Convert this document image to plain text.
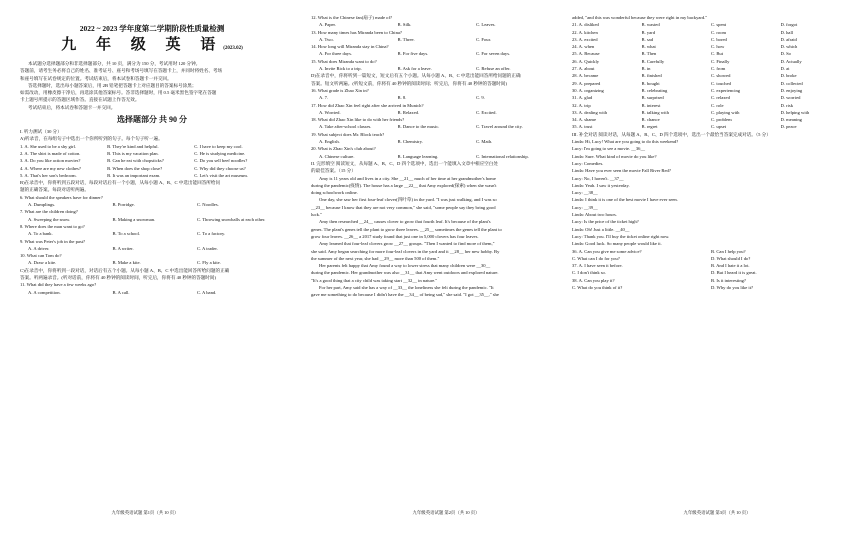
2022 ~ 2023 学年度第二学期阶段性质量检测
九 年 级 英 语(2023.02)
本试题分选择题部分和非选择题部分，共 10 页，满分为 150 分，考试用时 120 分钟。
答题前，请考生务必将自己的姓名、准考证号、座号和考场号填写在答题卡上，并同时将姓名、考场
和座号填写在试卷规定的位置。考试结束后，将本试卷和答题卡一并交回。
答选择题时，选出每小题答案后，用 2B 铅笔把答题卡上对应题目的答案标号涂黑；
如需改动，用橡皮擦干净后，再选涂其他答案标号。答非选择题时，用 0.5 毫米黑色签字笔在答题
卡上题号所提示的答题区域作答。直接在试题上作答无效。
考试结束后，将本试卷和答题卡一并交回。
选择题部分 共 90 分
I. 听力测试（30 分）
A)听录音，在每组句子中选出一个你所听到的句子。每个句子听一遍。
1. A. She used to be a shy girl.	B. They're kind and helpful.	C. I have to keep my cool.
2. A. The shirt is made of cotton.	B. This is my vacation plan.	C. He is studying medicine.
3. A. Do you like action movies?	B. Can he eat with chopsticks?	C. Do you sell beef noodles?
4. A. Where are my new clothes?	B. When does the shop close?	C. Why did they choose us?
5. A. That's her son's bedroom.	B. It was an important exam.	C. Let's visit the art museum.
B)在录音中，你将听到五段对话，每段对话后有一个小题，从每小题 A、B、C 中选出能回答所给问
题的正确答案。每段对话听两遍。
6. What should the speakers have for dinner?
A. Dumplings.	B. Porridge.	C. Noodles.
7. What are the children doing?
A. Sweeping the snow.	B. Making a snowman.	C. Throwing snowballs at each other.
8. Where does the man want to go?
A. To a bank.	B. To a school.	C. To a factory.
9. What was Peter's job in the past?
A. A driver.	B. A writer.	C. A trader.
10. What can Tom do?
A. Draw a kite.	B. Make a kite.	C. Fly a kite.
C)在录音中，你将听到一段对话，对话后有五个小题。从每小题 A、B、C 中选出能回答所给问题的正确
答案。听两遍录音。(听对话前，你将有 40 秒钟的阅读时间，听完后，你将有 40 秒钟的答题时间)
11. What did they have a few weeks ago?
A. A competition.	B. A call.	C. A band.
九年级英语试题 第1页（共 10 页）
12. What is the Chinese fan(扇子) made of?
A. Paper.	B. Silk.	C. Leaves.
13. How many times has Miranda been to China?
A. Two.	B. Three.	C. Four.
14. How long will Miranda stay in China?
A. For three days.	B. For five days.	C. For seven days.
15. What does Miranda want to do?
A. Invite Rick to a trip.	B. Ask for a leave.	C. Refuse an offer.
D)在录音中，你将听到一篇短文，短文后有五个小题。从每小题 A、B、C 中选出能回答所给问题的正确
答案。短文听两遍。(听短文前，你将有 40 秒钟的阅读时间；听完后，你将有 40 秒钟的答题时间)
16. What grade is Zhao Xin in?
A. 7.	B. 8.	C. 9.
17. How did Zhao Xin feel right after she arrived in Munich?
A. Worried.	B. Relaxed.	C. Excited.
18. What did Zhao Xin like to do with her friends?
A. Take after-school classes.	B. Dance to the music.	C. Travel around the city.
19. What subject does Mr. Block teach?
A. English.	B. Chemistry.	C. Math.
20. What is Zhao Xin's club about?
A. Chinese culture.	B. Language learning.	C. International relationship.
II. 完形填空 阅读短文，从每题 A、B、C、D 四个选项中，选出一个能填入文章中相应空白处
的最佳答案。（15 分）
Amy is 11 years old and lives in a city. She __21__ much of her time at her grandmother's home
during the pandemic(疫情). The house has a large __22__ that Amy explored(探索) when she wasn't
doing schoolwork online.
One day, she saw her first four-leaf clover(四叶草) in the yard. "I was just walking, and I was so
__23__ because I know that they are not very common," she said, "some people say they bring good
luck."
Amy then researched __24__ causes clover to grow that fourth leaf. It's because of the plant's
genes. The plant's genes tell the plant to grow three leaves. __25__ sometimes the genes tell the plant to
grow four leaves. __26__ a 2017 study found that just one in 5,000 clovers has four leaves.
Amy learned that four-leaf clovers grow __27__ groups. "Then I wanted to find more of them,"
she said. Amy began searching for more four-leaf clovers in the yard and it __28__ her new hobby. By
the summer of the next year, she had __29__ more than 500 of them."
Her parents felt happy that Amy found a way to lower stress that many children were __30__
during the pandemic. Her grandmother was also __31__ that Amy went outdoors and explored nature.
"It's a good thing that a city child was taking start __32__ in nature."
For her part, Amy said she has a way of __33__ the loneliness she felt during the pandemic. "It
gave me something to do because I didn't have the __34__ of being sad," she said. "I got __35__," she
九年级英语试题 第2页（共 10 页）
added, "and this was wonderful because they were right in my backyard."
21. A. disliked	B. wasted	C. spent	D. forgot
22. A. kitchen	B. yard	C. room	D. hall
23. A. excited	B. sad	C. bored	D. afraid
24. A. when	B. what	C. how	D. which
25. A. Because	B. Then	C. But	D. So
26. A. Quickly	B. Carefully	C. Finally	D. Actually
27. A. about	B. in	C. from	D. at
28. A. became	B. finished	C. showed	D. broke
29. A. prepared	B. bought	C. touched	D. collected
30. A. organizing	B. celebrating	C. experiencing	D. enjoying
31. A. glad	B. surprised	C. relaxed	D. worried
32. A. trip	B. interest	C. role	D. risk
33. A. dealing with	B. talking with	C. playing with	D. helping with
34. A. shame	B. chance	C. problem	D. meaning
35. A. trust	B. regret	C. upset	D. peace
III. 补全对话 阅读对话，从每题 A、B、C、D 四个选项中，选出一个最恰当答案完成对话。（5 分）
Linda: Hi, Lucy! What are you going to do this weekend?
Lucy: I'm going to see a movie. __36__
Linda: Sure. What kind of movie do you like?
Lucy: Comedies.
Linda: Have you ever seen the movie Fall River Red?
Lucy: No, I haven't. __37__
Linda: Yeah. I saw it yesterday.
Lucy: __38__
Linda: I think it is one of the best movie I have ever seen.
Lucy: __39__
Linda: About two hours.
Lucy: Is the price of the ticket high?
Linda: Oh! Just a little. __40__
Lucy: Thank you. I'll buy the ticket online right now.
Linda: Good luck. So many people would like it.
36. A. Can you give me some advice?	B. Can I help you?
C. What can I do for you?	D. What should I do?
37. A. I have seen it before.	B. And I hate it a lot.
C. I don't think so.	D. But I heard it is great.
38. A. Can you play it?	B. Is it interesting?
C. What do you think of it?	D. Why do you like it?
九年级英语试题 第3页（共 10 页）
